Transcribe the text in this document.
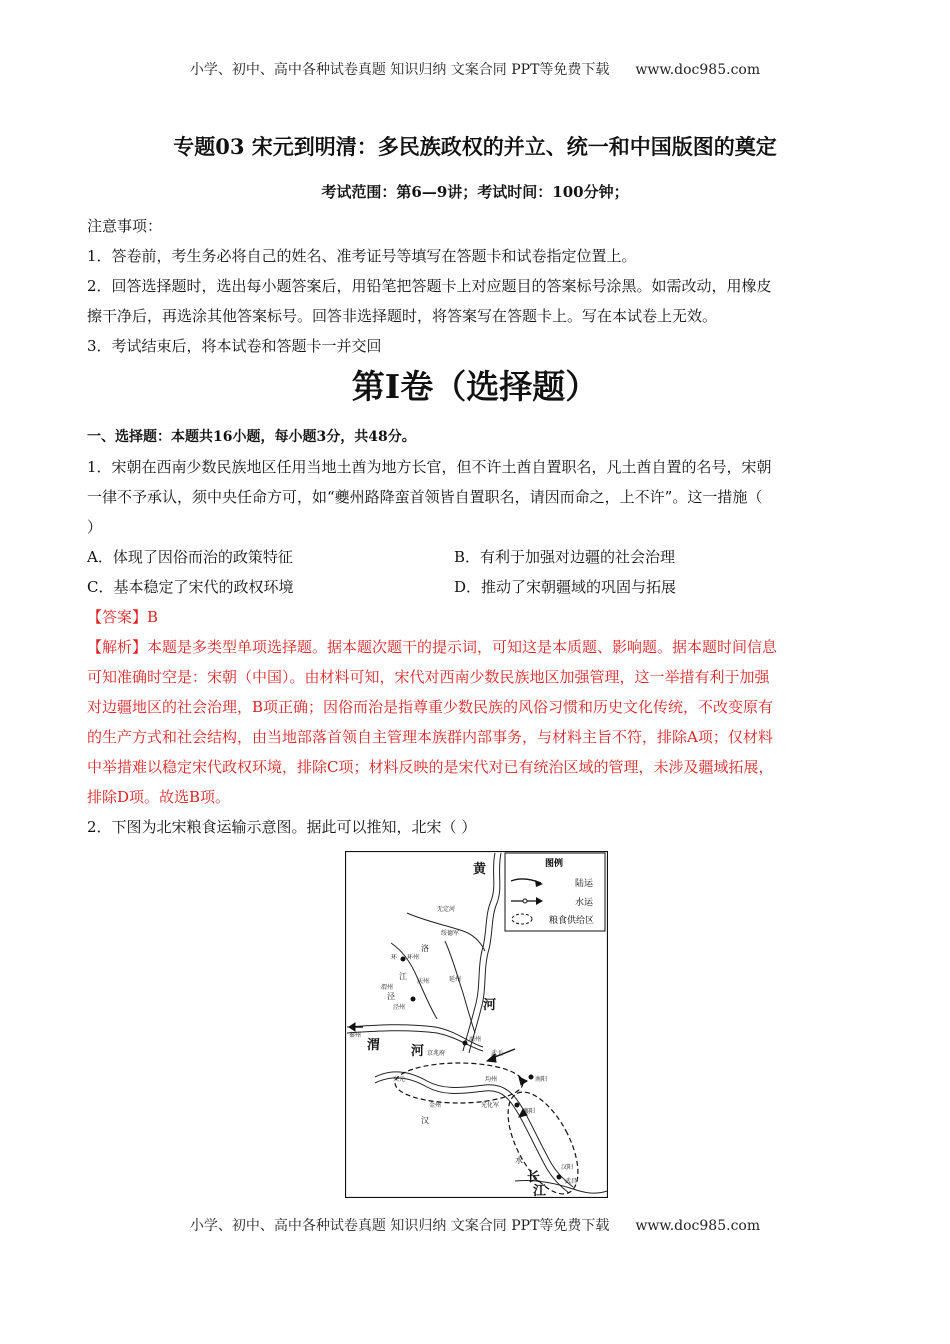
小学、初中、高中各种试卷真题 知识归纳 文案合同 PPT等免费下载 www.doc985.com
专题03 宋元到明清：多民族政权的并立、统一和中国版图的奠定
考试范围：第6—9讲；考试时间：100分钟；
注意事项：
1．答卷前，考生务必将自己的姓名、准考证号等填写在答题卡和试卷指定位置上。
2．回答选择题时，选出每小题答案后，用铅笔把答题卡上对应题目的答案标号涂黑。如需改动，用橡皮
擦干净后，再选涂其他答案标号。回答非选择题时，将答案写在答题卡上。写在本试卷上无效。
3．考试结束后，将本试卷和答题卡一并交回
第I卷（选择题）
一、选择题：本题共16小题，每小题3分，共48分。
1．宋朝在西南少数民族地区任用当地土酋为地方长官，但不许土酋自置职名，凡土酋自置的名号，宋朝
一律不予承认，须中央任命方可，如“夔州路降蛮首领皆自置职名，请因而命之，上不许”。这一措施（
）
A．体现了因俗而治的政策特征	B．有利于加强对边疆的社会治理
C．基本稳定了宋代的政权环境	D．推动了宋朝疆域的巩固与拓展
【答案】B
【解析】本题是多类型单项选择题。据本题次题干的提示词，可知这是本质题、影响题。据本题时间信息
可知准确时空是：宋朝（中国）。由材料可知，宋代对西南少数民族地区加强管理，这一举措有利于加强
对边疆地区的社会治理，B项正确；因俗而治是指尊重少数民族的风俗习惯和历史文化传统，不改变原有
的生产方式和社会结构，由当地部落首领自主管理本族群内部事务，与材料主旨不符，排除A项；仅材料
中举措难以稳定宋代政权环境，排除C项；材料反映的是宋代对已有统治区域的管理，未涉及疆域拓展，
排除D项。故选B项。
2．下图为北宋粮食运输示意图。据此可以推知，北宋（ ）
图例
陆运
水运
粮食供给区
黄
河
渭 河
长
江
无定河
绥德军
洛
环 环州
庆州	延州
江
渭州
泾
泾州
秦州
京兆府
商州
武关
南阳
兴元	均州
金州	光化军
襄阳
汉
水
汉阳
武昌
小学、初中、高中各种试卷真题 知识归纳 文案合同 PPT等免费下载 www.doc985.com
